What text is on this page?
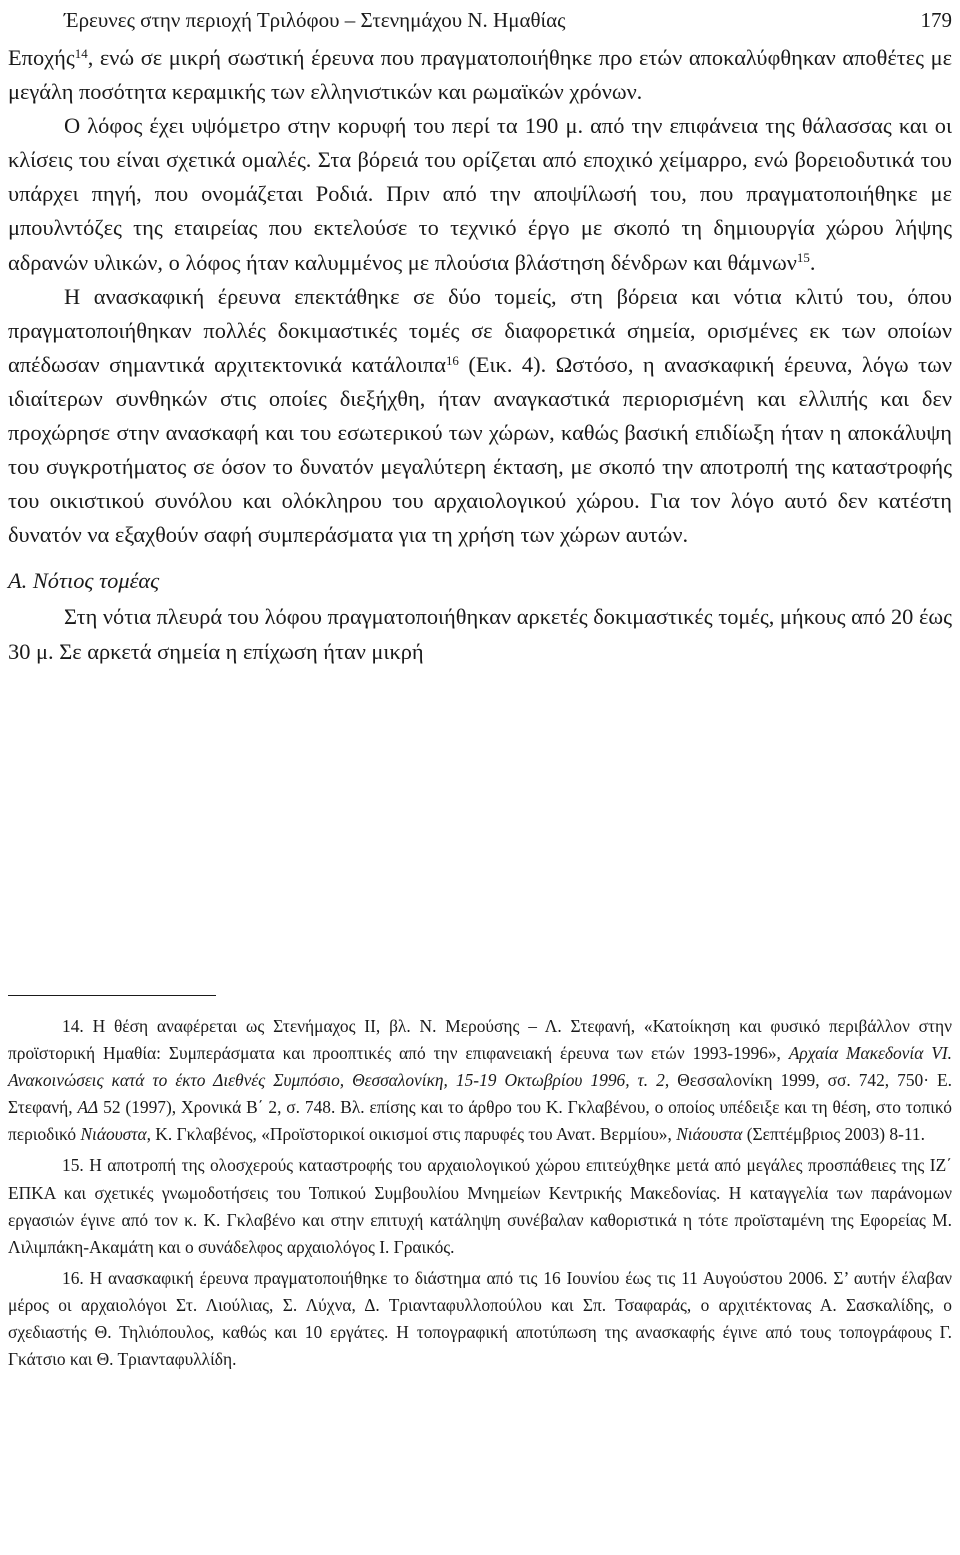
Έρευνες στην περιοχή Τριλόφου – Στενημάχου Ν. Ημαθίας	179

Εποχής$^{14}$, ενώ σε μικρή σωστική έρευνα που πραγματοποιήθηκε προ ετών αποκαλύφθηκαν αποθέτες με μεγάλη ποσότητα κεραμικής των ελληνιστικών και ρωμαϊκών χρόνων.

Ο λόφος έχει υψόμετρο στην κορυφή του περί τα 190 μ. από την επιφάνεια της θάλασσας και οι κλίσεις του είναι σχετικά ομαλές. Στα βόρειά του ορίζεται από εποχικό χείμαρρο, ενώ βορειοδυτικά του υπάρχει πηγή, που ονομάζεται Ροδιά. Πριν από την αποψίλωσή του, που πραγματοποιήθηκε με μπουλντόζες της εταιρείας που εκτελούσε το τεχνικό έργο με σκοπό τη δημιουργία χώρου λήψης αδρανών υλικών, ο λόφος ήταν καλυμμένος με πλούσια βλάστηση δένδρων και θάμνων$^{15}$.

Η ανασκαφική έρευνα επεκτάθηκε σε δύο τομείς, στη βόρεια και νότια κλιτύ του, όπου πραγματοποιήθηκαν πολλές δοκιμαστικές τομές σε διαφορετικά σημεία, ορισμένες εκ των οποίων απέδωσαν σημαντικά αρχιτεκτονικά κατάλοιπα$^{16}$ (Εικ. 4). Ωστόσο, η ανασκαφική έρευνα, λόγω των ιδιαίτερων συνθηκών στις οποίες διεξήχθη, ήταν αναγκαστικά περιορισμένη και ελλιπής και δεν προχώρησε στην ανασκαφή και του εσωτερικού των χώρων, καθώς βασική επιδίωξη ήταν η αποκάλυψη του συγκροτήματος σε όσον το δυνατόν μεγαλύτερη έκταση, με σκοπό την αποτροπή της καταστροφής του οικιστικού συνόλου και ολόκληρου του αρχαιολογικού χώρου. Για τον λόγο αυτό δεν κατέστη δυνατόν να εξαχθούν σαφή συμπεράσματα για τη χρήση των χώρων αυτών.

Α. Νότιος τομέας

Στη νότια πλευρά του λόφου πραγματοποιήθηκαν αρκετές δοκιμαστικές τομές, μήκους από 20 έως 30 μ. Σε αρκετά σημεία η επίχωση ήταν μικρή

14. Η θέση αναφέρεται ως Στενήμαχος ΙΙ, βλ. Ν. Μερούσης – Λ. Στεφανή, «Κατοίκηση και φυσικό περιβάλλον στην προϊστορική Ημαθία: Συμπεράσματα και προοπτικές από την επιφανειακή έρευνα των ετών 1993-1996», Αρχαία Μακεδονία VI. Ανακοινώσεις κατά το έκτο Διεθνές Συμπόσιο, Θεσσαλονίκη, 15-19 Οκτωβρίου 1996, τ. 2, Θεσσαλονίκη 1999, σσ. 742, 750· Ε. Στεφανή, ΑΔ 52 (1997), Χρονικά Β΄ 2, σ. 748. Βλ. επίσης και το άρθρο του Κ. Γκλαβένου, ο οποίος υπέδειξε και τη θέση, στο τοπικό περιοδικό Νιάουστα, Κ. Γκλαβένος, «Προϊστορικοί οικισμοί στις παρυφές του Ανατ. Βερμίου», Νιάουστα (Σεπτέμβριος 2003) 8-11.

15. Η αποτροπή της ολοσχερούς καταστροφής του αρχαιολογικού χώρου επιτεύχθηκε μετά από μεγάλες προσπάθειες της ΙΖ΄ ΕΠΚΑ και σχετικές γνωμοδοτήσεις του Τοπικού Συμβουλίου Μνημείων Κεντρικής Μακεδονίας. Η καταγγελία των παράνομων εργασιών έγινε από τον κ. Κ. Γκλαβένο και στην επιτυχή κατάληψη συνέβαλαν καθοριστικά η τότε προϊσταμένη της Εφορείας Μ. Λιλιμπάκη-Ακαμάτη και ο συνάδελφος αρχαιολόγος Ι. Γραικός.

16. Η ανασκαφική έρευνα πραγματοποιήθηκε το διάστημα από τις 16 Ιουνίου έως τις 11 Αυγούστου 2006. Σ’ αυτήν έλαβαν μέρος οι αρχαιολόγοι Στ. Λιούλιας, Σ. Λύχνα, Δ. Τριανταφυλλοπούλου και Σπ. Τσαφαράς, ο αρχιτέκτονας Α. Σασκαλίδης, ο σχεδιαστής Θ. Τηλιόπουλος, καθώς και 10 εργάτες. Η τοπογραφική αποτύπωση της ανασκαφής έγινε από τους τοπογράφους Γ. Γκάτσιο και Θ. Τριανταφυλλίδη.
